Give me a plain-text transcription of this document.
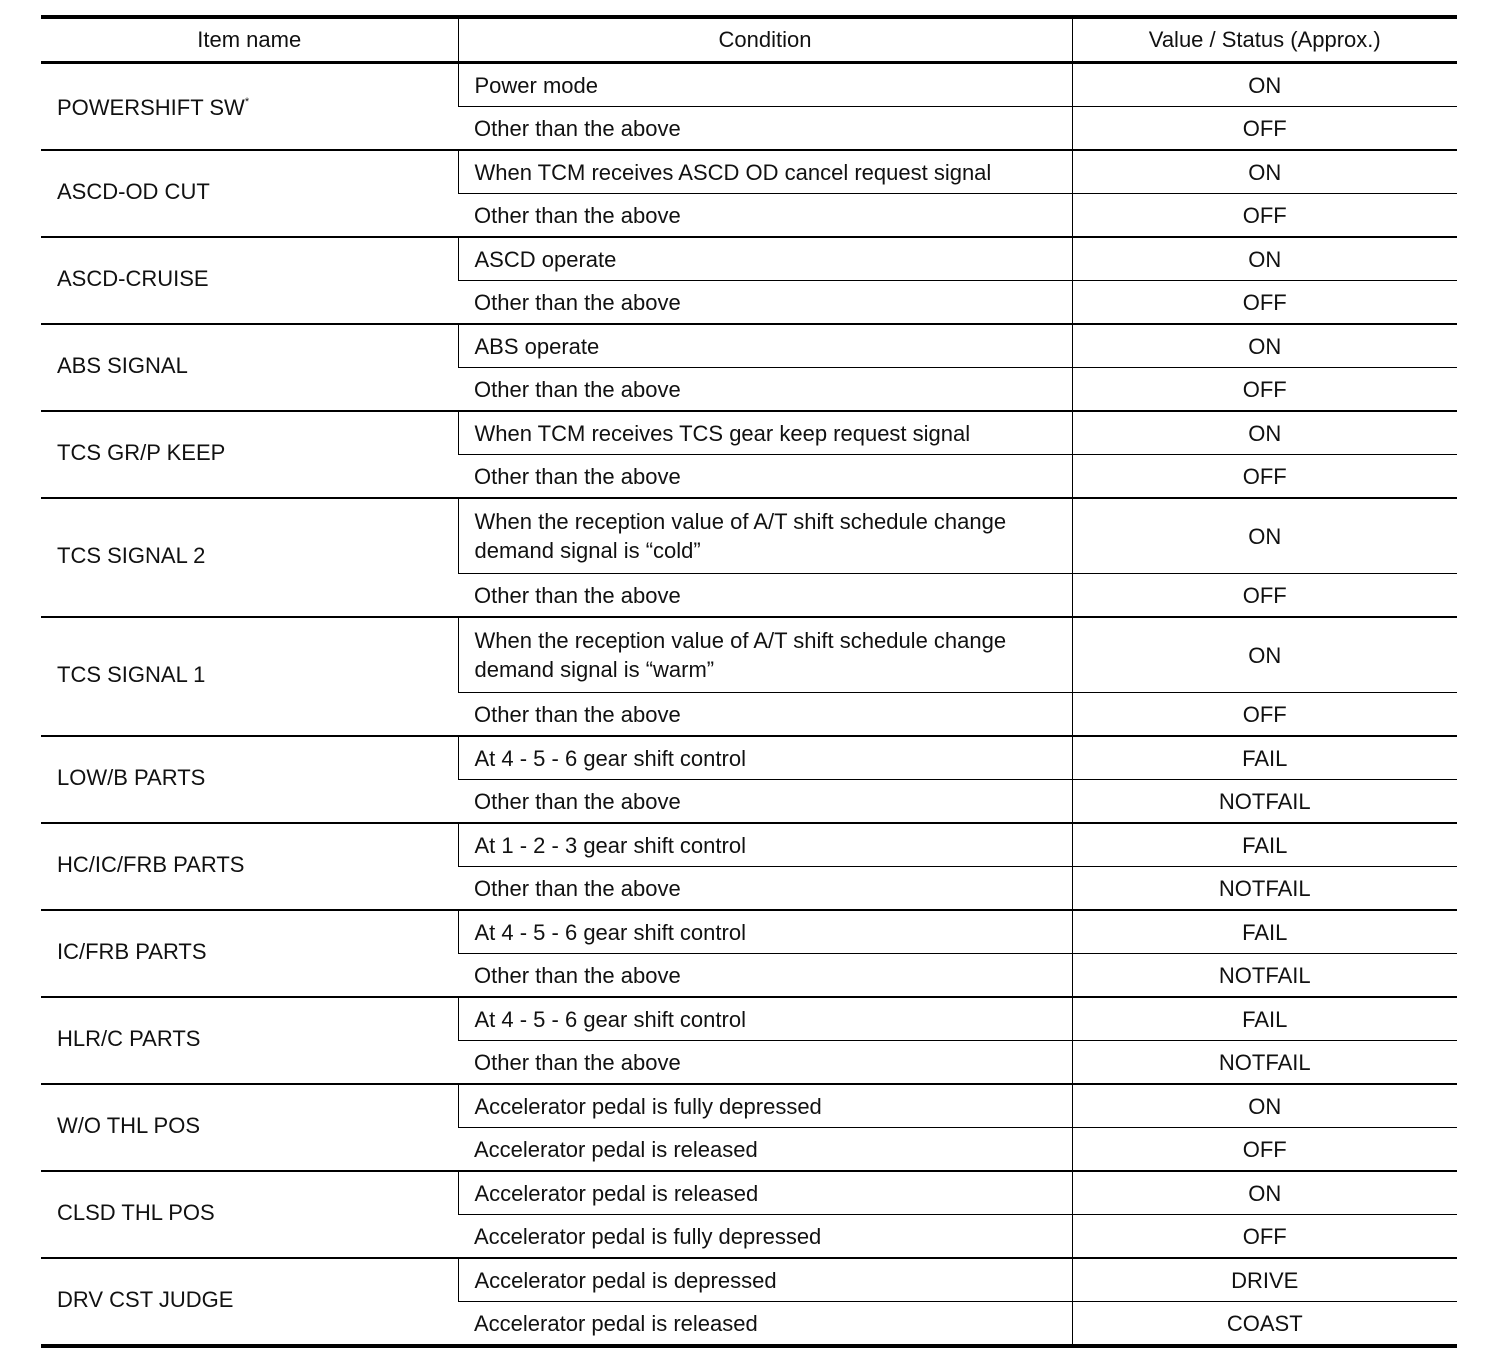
Item name	Condition	Value / Status (Approx.)
POWERSHIFT SW*	Power mode	ON
	Other than the above	OFF
ASCD-OD CUT	When TCM receives ASCD OD cancel request signal	ON
	Other than the above	OFF
ASCD-CRUISE	ASCD operate	ON
	Other than the above	OFF
ABS SIGNAL	ABS operate	ON
	Other than the above	OFF
TCS GR/P KEEP	When TCM receives TCS gear keep request signal	ON
	Other than the above	OFF
TCS SIGNAL 2	When the reception value of A/T shift schedule change demand signal is “cold”	ON
	Other than the above	OFF
TCS SIGNAL 1	When the reception value of A/T shift schedule change demand signal is “warm”	ON
	Other than the above	OFF
LOW/B PARTS	At 4 - 5 - 6 gear shift control	FAIL
	Other than the above	NOTFAIL
HC/IC/FRB PARTS	At 1 - 2 - 3 gear shift control	FAIL
	Other than the above	NOTFAIL
IC/FRB PARTS	At 4 - 5 - 6 gear shift control	FAIL
	Other than the above	NOTFAIL
HLR/C PARTS	At 4 - 5 - 6 gear shift control	FAIL
	Other than the above	NOTFAIL
W/O THL POS	Accelerator pedal is fully depressed	ON
	Accelerator pedal is released	OFF
CLSD THL POS	Accelerator pedal is released	ON
	Accelerator pedal is fully depressed	OFF
DRV CST JUDGE	Accelerator pedal is depressed	DRIVE
	Accelerator pedal is released	COAST
